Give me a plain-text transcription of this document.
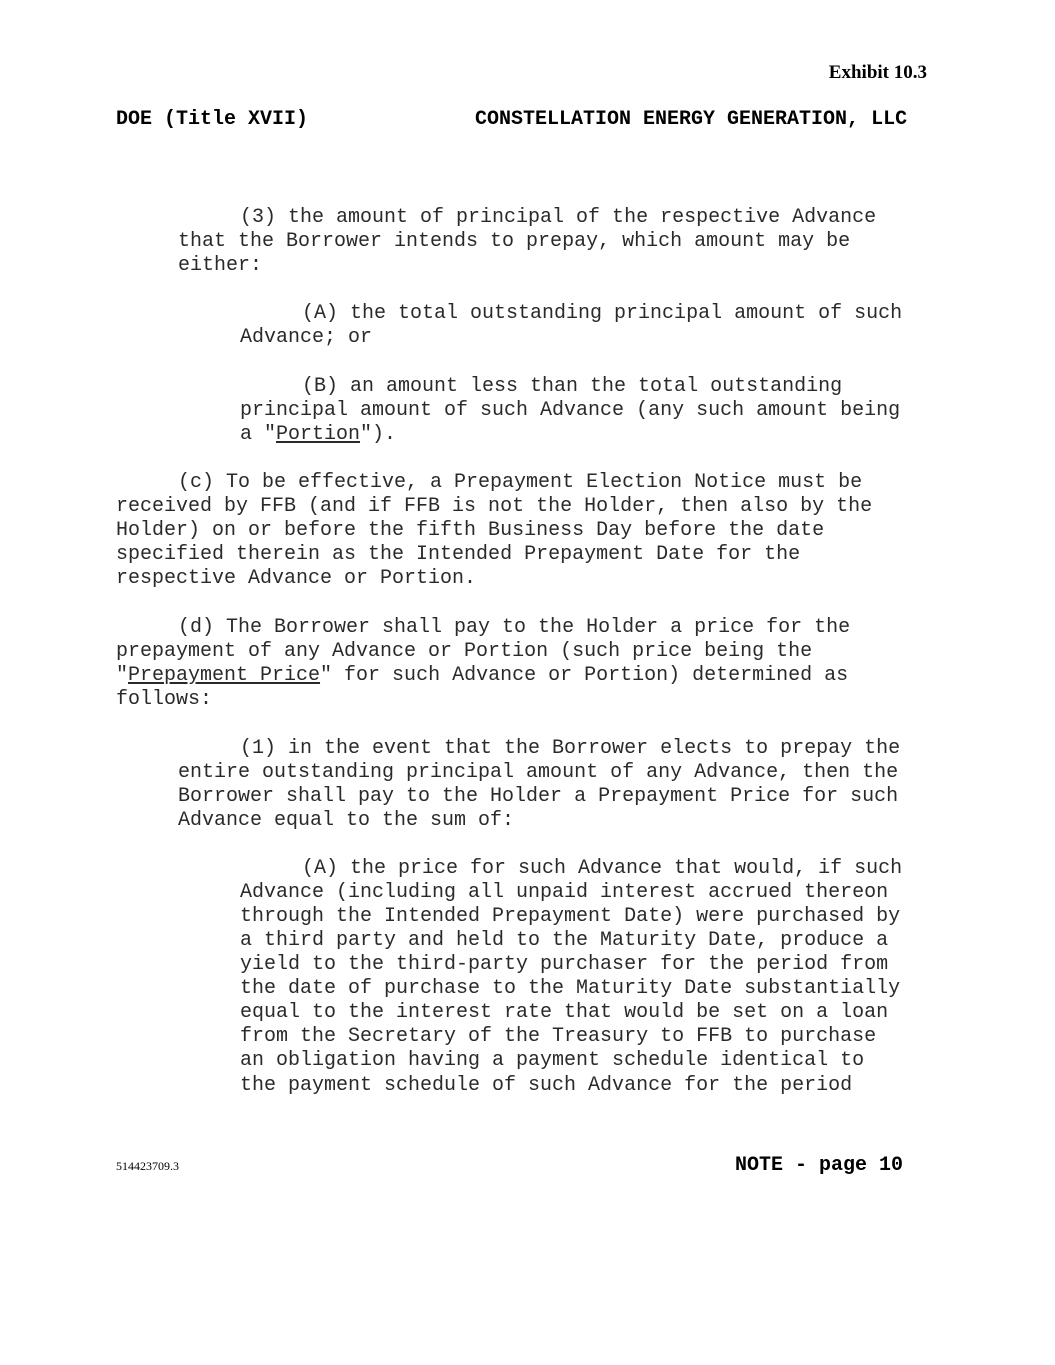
Exhibit 10.3
DOE (Title XVII)	CONSTELLATION ENERGY GENERATION, LLC
(3) the amount of principal of the respective Advance
that the Borrower intends to prepay, which amount may be
either:
(A) the total outstanding principal amount of such
Advance; or
(B) an amount less than the total outstanding
principal amount of such Advance (any such amount being
a "Portion").
(c) To be effective, a Prepayment Election Notice must be
received by FFB (and if FFB is not the Holder, then also by the
Holder) on or before the fifth Business Day before the date
specified therein as the Intended Prepayment Date for the
respective Advance or Portion.
(d) The Borrower shall pay to the Holder a price for the
prepayment of any Advance or Portion (such price being the
"Prepayment Price" for such Advance or Portion) determined as
follows:
(1) in the event that the Borrower elects to prepay the
entire outstanding principal amount of any Advance, then the
Borrower shall pay to the Holder a Prepayment Price for such
Advance equal to the sum of:
(A) the price for such Advance that would, if such
Advance (including all unpaid interest accrued thereon
through the Intended Prepayment Date) were purchased by
a third party and held to the Maturity Date, produce a
yield to the third-party purchaser for the period from
the date of purchase to the Maturity Date substantially
equal to the interest rate that would be set on a loan
from the Secretary of the Treasury to FFB to purchase
an obligation having a payment schedule identical to
the payment schedule of such Advance for the period
514423709.3	NOTE - page 10
